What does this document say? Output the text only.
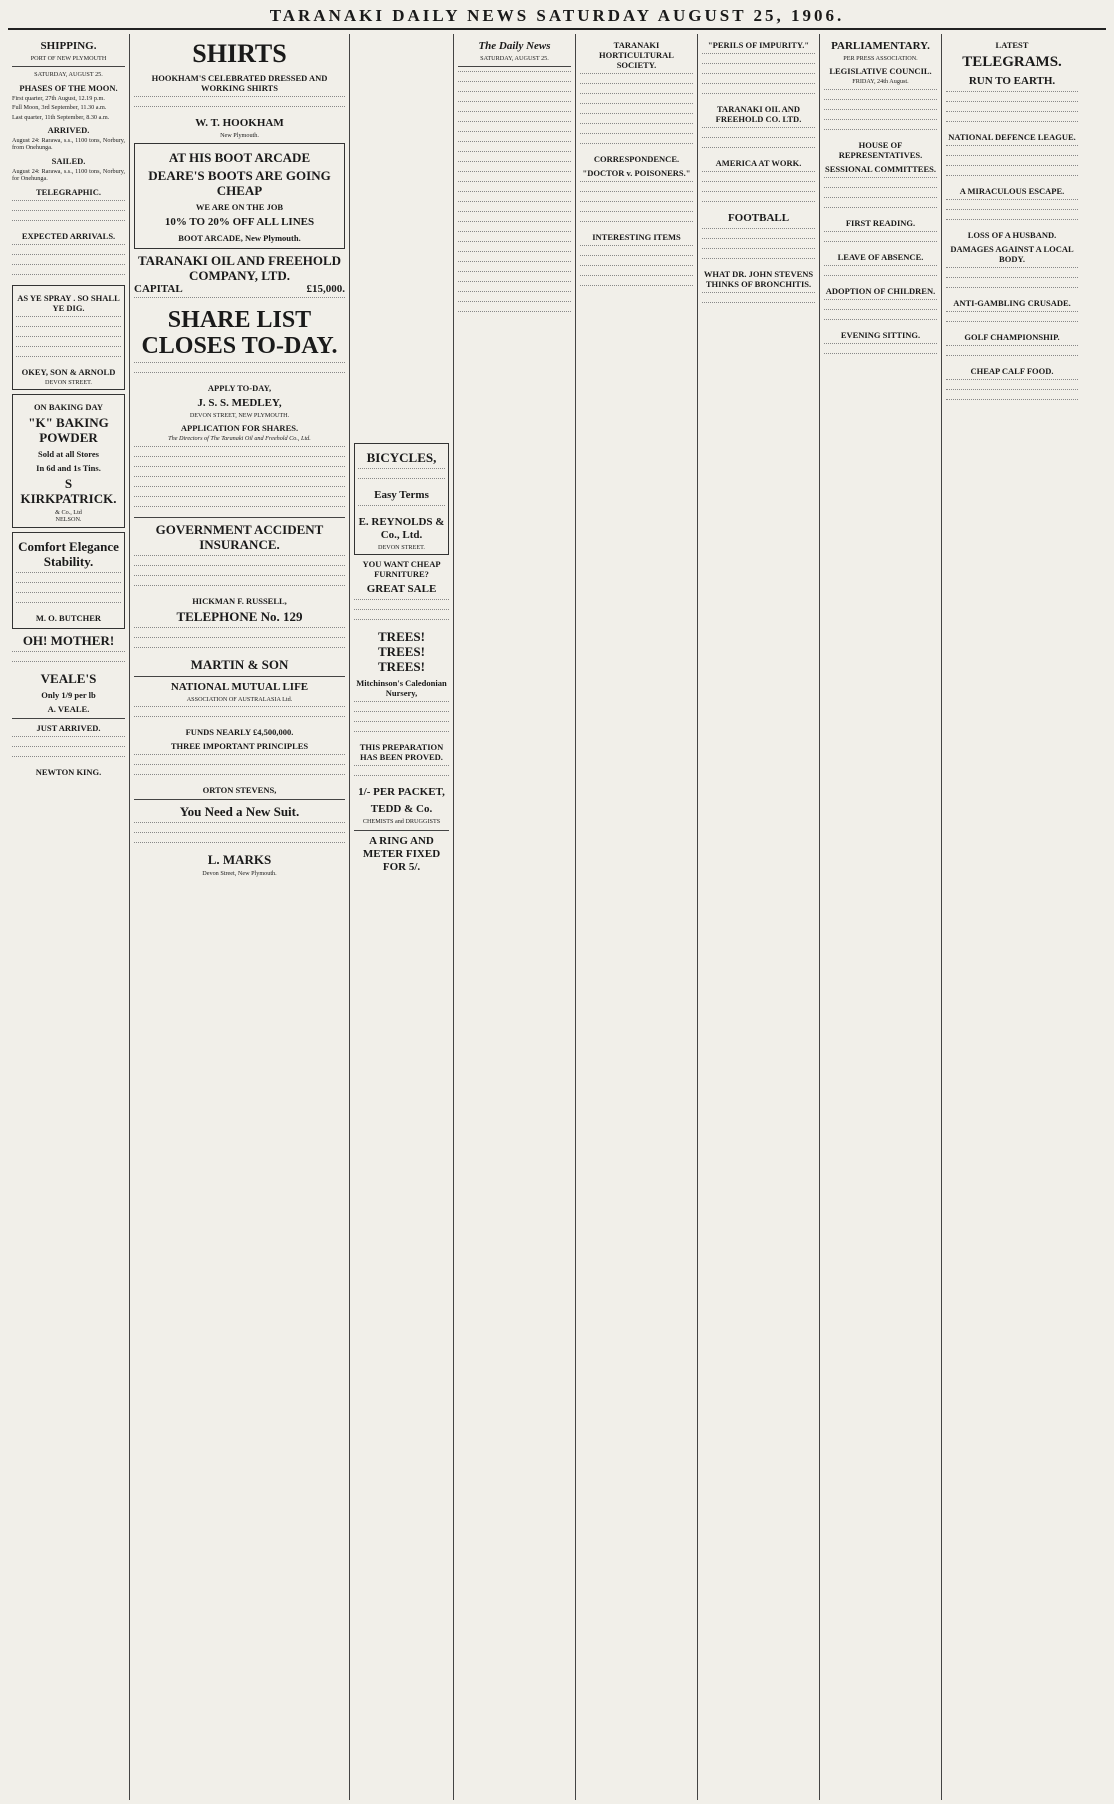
TARANAKI DAILY NEWS SATURDAY AUGUST 25, 1906.
SHIPPING.
PORT OF NEW PLYMOUTH
SATURDAY, AUGUST 25.
PHASES OF THE MOON.
First quarter, 27th August, 12.19 p.m.
Full Moon, 3rd September, 11.30 a.m.
Last quarter, 11th September, 8.30 a.m.
ARRIVED.
August 24: Rarawa, s.s., 1100 tons, Norbury, from Onehunga.
SAILED.
August 24: Rarawa, s.s., 1100 tons, Norbury, for Onehunga.
TELEGRAPHIC.
EXPECTED ARRIVALS.
AS YE SPRAY . SO SHALL YE DIG.
OKEY, SON & ARNOLD
DEVON STREET.
ON BAKING DAY
"K" BAKING POWDER
Sold at all Stores
In 6d and 1s Tins.
S KIRKPATRICK.
& Co., Ltd
NELSON.
Comfort Elegance Stability.
M. O. BUTCHER
OH! MOTHER!
VEALE'S
Only 1/9 per lb
A. VEALE.
JUST ARRIVED.
NEWTON KING.
SHIRTS
HOOKHAM'S CELEBRATED DRESSED AND WORKING SHIRTS
W. T. HOOKHAM
New Plymouth.
AT HIS BOOT ARCADE
DEARE'S BOOTS ARE GOING CHEAP
WE ARE ON THE JOB
10% TO 20% OFF ALL LINES
BOOT ARCADE, New Plymouth.
TARANAKI OIL AND FREEHOLD COMPANY, LTD.
CAPITAL	£15,000.
SHARE LIST CLOSES TO-DAY.
APPLY TO-DAY,
J. S. S. MEDLEY,
DEVON STREET, NEW PLYMOUTH.
APPLICATION FOR SHARES.
The Directors of The Taranaki Oil and Freehold Co., Ltd.
GOVERNMENT ACCIDENT INSURANCE.
HICKMAN F. RUSSELL,
TELEPHONE No. 129
MARTIN & SON
NATIONAL MUTUAL LIFE
ASSOCIATION OF AUSTRALASIA Ltd.
FUNDS NEARLY £4,500,000.
THREE IMPORTANT PRINCIPLES
ORTON STEVENS,
You Need a New Suit.
L. MARKS
Devon Street, New Plymouth.
BICYCLES,
Easy Terms
E. REYNOLDS & Co., Ltd.
DEVON STREET.
YOU WANT CHEAP FURNITURE?
GREAT SALE
TREES! TREES! TREES!
Mitchinson's Caledonian Nursery,
THIS PREPARATION HAS BEEN PROVED.
1/- PER PACKET,
TEDD & Co.
CHEMISTS and DRUGGISTS
A RING AND METER FIXED FOR 5/.
The Daily News
SATURDAY, AUGUST 25.
TARANAKI HORTICULTURAL SOCIETY.
CORRESPONDENCE.
"DOCTOR v. POISONERS."
INTERESTING ITEMS
"PERILS OF IMPURITY."
TARANAKI OIL AND FREEHOLD CO. LTD.
AMERICA AT WORK.
FOOTBALL
WHAT DR. JOHN STEVENS THINKS OF BRONCHITIS.
PARLIAMENTARY.
PER PRESS ASSOCIATION.
LEGISLATIVE COUNCIL.
FRIDAY, 24th August.
HOUSE OF REPRESENTATIVES.
SESSIONAL COMMITTEES.
FIRST READING.
LEAVE OF ABSENCE.
ADOPTION OF CHILDREN.
EVENING SITTING.
LATEST
TELEGRAMS.
RUN TO EARTH.
NATIONAL DEFENCE LEAGUE.
A MIRACULOUS ESCAPE.
LOSS OF A HUSBAND.
DAMAGES AGAINST A LOCAL BODY.
ANTI-GAMBLING CRUSADE.
GOLF CHAMPIONSHIP.
CHEAP CALF FOOD.
